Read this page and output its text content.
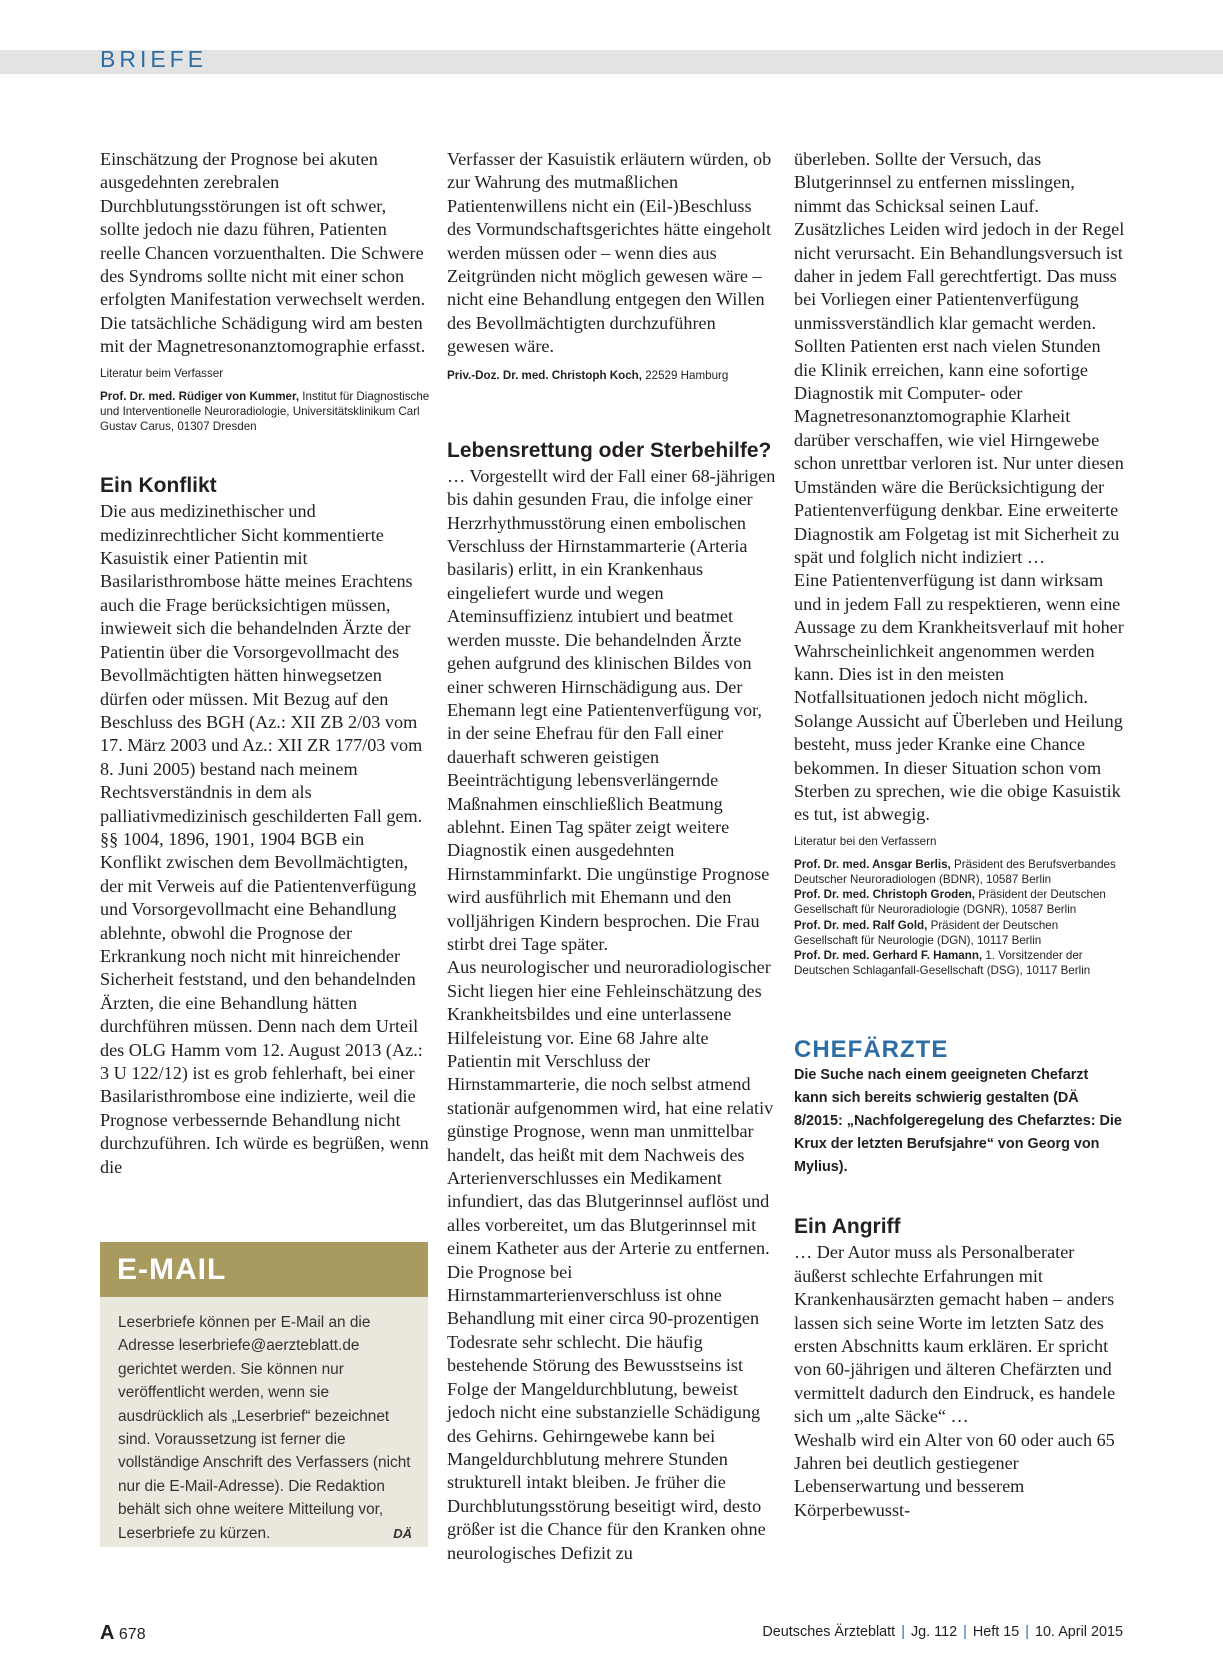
BRIEFE

Einschätzung der Prognose bei akuten ausgedehnten zerebralen Durchblutungsstörungen ist oft schwer, sollte jedoch nie dazu führen, Patienten reelle Chancen vorzuenthalten. Die Schwere des Syndroms sollte nicht mit einer schon erfolgten Manifestation verwechselt werden. Die tatsächliche Schädigung wird am besten mit der Magnetresonanztomographie erfasst.

Literatur beim Verfasser

Prof. Dr. med. Rüdiger von Kummer, Institut für Diagnostische und Interventionelle Neuroradiologie, Universitätsklinikum Carl Gustav Carus, 01307 Dresden

Ein Konflikt

Die aus medizinethischer und medizinrechtlicher Sicht kommentierte Kasuistik einer Patientin mit Basilaristhrombose hätte meines Erachtens auch die Frage berücksichtigen müssen, inwieweit sich die behandelnden Ärzte der Patientin über die Vorsorgevollmacht des Bevollmächtigten hätten hinwegsetzen dürfen oder müssen. Mit Bezug auf den Beschluss des BGH (Az.: XII ZB 2/03 vom 17. März 2003 und Az.: XII ZR 177/03 vom 8. Juni 2005) bestand nach meinem Rechtsverständnis in dem als palliativmedizinisch geschilderten Fall gem. §§ 1004, 1896, 1901, 1904 BGB ein Konflikt zwischen dem Bevollmächtigten, der mit Verweis auf die Patientenverfügung und Vorsorgevollmacht eine Behandlung ablehnte, obwohl die Prognose der Erkrankung noch nicht mit hinreichender Sicherheit feststand, und den behandelnden Ärzten, die eine Behandlung hätten durchführen müssen. Denn nach dem Urteil des OLG Hamm vom 12. August 2013 (Az.: 3 U 122/12) ist es grob fehlerhaft, bei einer Basilaristhrombose eine indizierte, weil die Prognose verbessernde Behandlung nicht durchzuführen. Ich würde es begrüßen, wenn die

E-MAIL

Leserbriefe können per E-Mail an die Adresse leserbriefe@aerzteblatt.de gerichtet werden. Sie können nur veröffentlicht werden, wenn sie ausdrücklich als „Leserbrief“ bezeichnet sind. Voraussetzung ist ferner die vollständige Anschrift des Verfassers (nicht nur die E-Mail-Adresse). Die Redaktion behält sich ohne weitere Mitteilung vor, Leserbriefe zu kürzen.	DÄ

Verfasser der Kasuistik erläutern würden, ob zur Wahrung des mutmaßlichen Patientenwillens nicht ein (Eil-)Beschluss des Vormundschaftsgerichtes hätte eingeholt werden müssen oder – wenn dies aus Zeitgründen nicht möglich gewesen wäre – nicht eine Behandlung entgegen den Willen des Bevollmächtigten durchzuführen gewesen wäre.

Priv.-Doz. Dr. med. Christoph Koch, 22529 Hamburg

Lebensrettung oder Sterbehilfe?

… Vorgestellt wird der Fall einer 68-jährigen bis dahin gesunden Frau, die infolge einer Herzrhythmusstörung einen embolischen Verschluss der Hirnstammarterie (Arteria basilaris) erlitt, in ein Krankenhaus eingeliefert wurde und wegen Ateminsuffizienz intubiert und beatmet werden musste. Die behandelnden Ärzte gehen aufgrund des klinischen Bildes von einer schweren Hirnschädigung aus. Der Ehemann legt eine Patientenverfügung vor, in der seine Ehefrau für den Fall einer dauerhaft schweren geistigen Beeinträchtigung lebensverlängernde Maßnahmen einschließlich Beatmung ablehnt. Einen Tag später zeigt weitere Diagnostik einen ausgedehnten Hirnstamminfarkt. Die ungünstige Prognose wird ausführlich mit Ehemann und den volljährigen Kindern besprochen. Die Frau stirbt drei Tage später.

Aus neurologischer und neuroradiologischer Sicht liegen hier eine Fehleinschätzung des Krankheitsbildes und eine unterlassene Hilfeleistung vor. Eine 68 Jahre alte Patientin mit Verschluss der Hirnstammarterie, die noch selbst atmend stationär aufgenommen wird, hat eine relativ günstige Prognose, wenn man unmittelbar handelt, das heißt mit dem Nachweis des Arterienverschlusses ein Medikament infundiert, das das Blutgerinnsel auflöst und alles vorbereitet, um das Blutgerinnsel mit einem Katheter aus der Arterie zu entfernen.

Die Prognose bei Hirnstammarterienverschluss ist ohne Behandlung mit einer circa 90-prozentigen Todesrate sehr schlecht. Die häufig bestehende Störung des Bewusstseins ist Folge der Mangeldurchblutung, beweist jedoch nicht eine substanzielle Schädigung des Gehirns. Gehirngewebe kann bei Mangeldurchblutung mehrere Stunden strukturell intakt bleiben. Je früher die Durchblutungsstörung beseitigt wird, desto größer ist die Chance für den Kranken ohne neurologisches Defizit zu

überleben. Sollte der Versuch, das Blutgerinnsel zu entfernen misslingen, nimmt das Schicksal seinen Lauf. Zusätzliches Leiden wird jedoch in der Regel nicht verursacht. Ein Behandlungsversuch ist daher in jedem Fall gerechtfertigt. Das muss bei Vorliegen einer Patientenverfügung unmissverständlich klar gemacht werden. Sollten Patienten erst nach vielen Stunden die Klinik erreichen, kann eine sofortige Diagnostik mit Computer- oder Magnetresonanztomographie Klarheit darüber verschaffen, wie viel Hirngewebe schon unrettbar verloren ist. Nur unter diesen Umständen wäre die Berücksichtigung der Patientenverfügung denkbar. Eine erweiterte Diagnostik am Folgetag ist mit Sicherheit zu spät und folglich nicht indiziert …

Eine Patientenverfügung ist dann wirksam und in jedem Fall zu respektieren, wenn eine Aussage zu dem Krankheitsverlauf mit hoher Wahrscheinlichkeit angenommen werden kann. Dies ist in den meisten Notfallsituationen jedoch nicht möglich. Solange Aussicht auf Überleben und Heilung besteht, muss jeder Kranke eine Chance bekommen. In dieser Situation schon vom Sterben zu sprechen, wie die obige Kasuistik es tut, ist abwegig.

Literatur bei den Verfassern

Prof. Dr. med. Ansgar Berlis, Präsident des Berufsverbandes Deutscher Neuroradiologen (BDNR), 10587 Berlin

Prof. Dr. med. Christoph Groden, Präsident der Deutschen Gesellschaft für Neuroradiologie (DGNR), 10587 Berlin

Prof. Dr. med. Ralf Gold, Präsident der Deutschen Gesellschaft für Neurologie (DGN), 10117 Berlin

Prof. Dr. med. Gerhard F. Hamann, 1. Vorsitzender der Deutschen Schlaganfall-Gesellschaft (DSG), 10117 Berlin

CHEFÄRZTE

Die Suche nach einem geeigneten Chefarzt kann sich bereits schwierig gestalten (DÄ 8/2015: „Nachfolgeregelung des Chefarztes: Die Krux der letzten Berufsjahre“ von Georg von Mylius).

Ein Angriff

… Der Autor muss als Personalberater äußerst schlechte Erfahrungen mit Krankenhausärzten gemacht haben – anders lassen sich seine Worte im letzten Satz des ersten Abschnitts kaum erklären. Er spricht von 60-jährigen und älteren Chefärzten und vermittelt dadurch den Eindruck, es handele sich um „alte Säcke“ …

Weshalb wird ein Alter von 60 oder auch 65 Jahren bei deutlich gestiegener Lebenserwartung und besserem Körperbewusst-

A 678	Deutsches Ärzteblatt | Jg. 112 | Heft 15 | 10. April 2015
